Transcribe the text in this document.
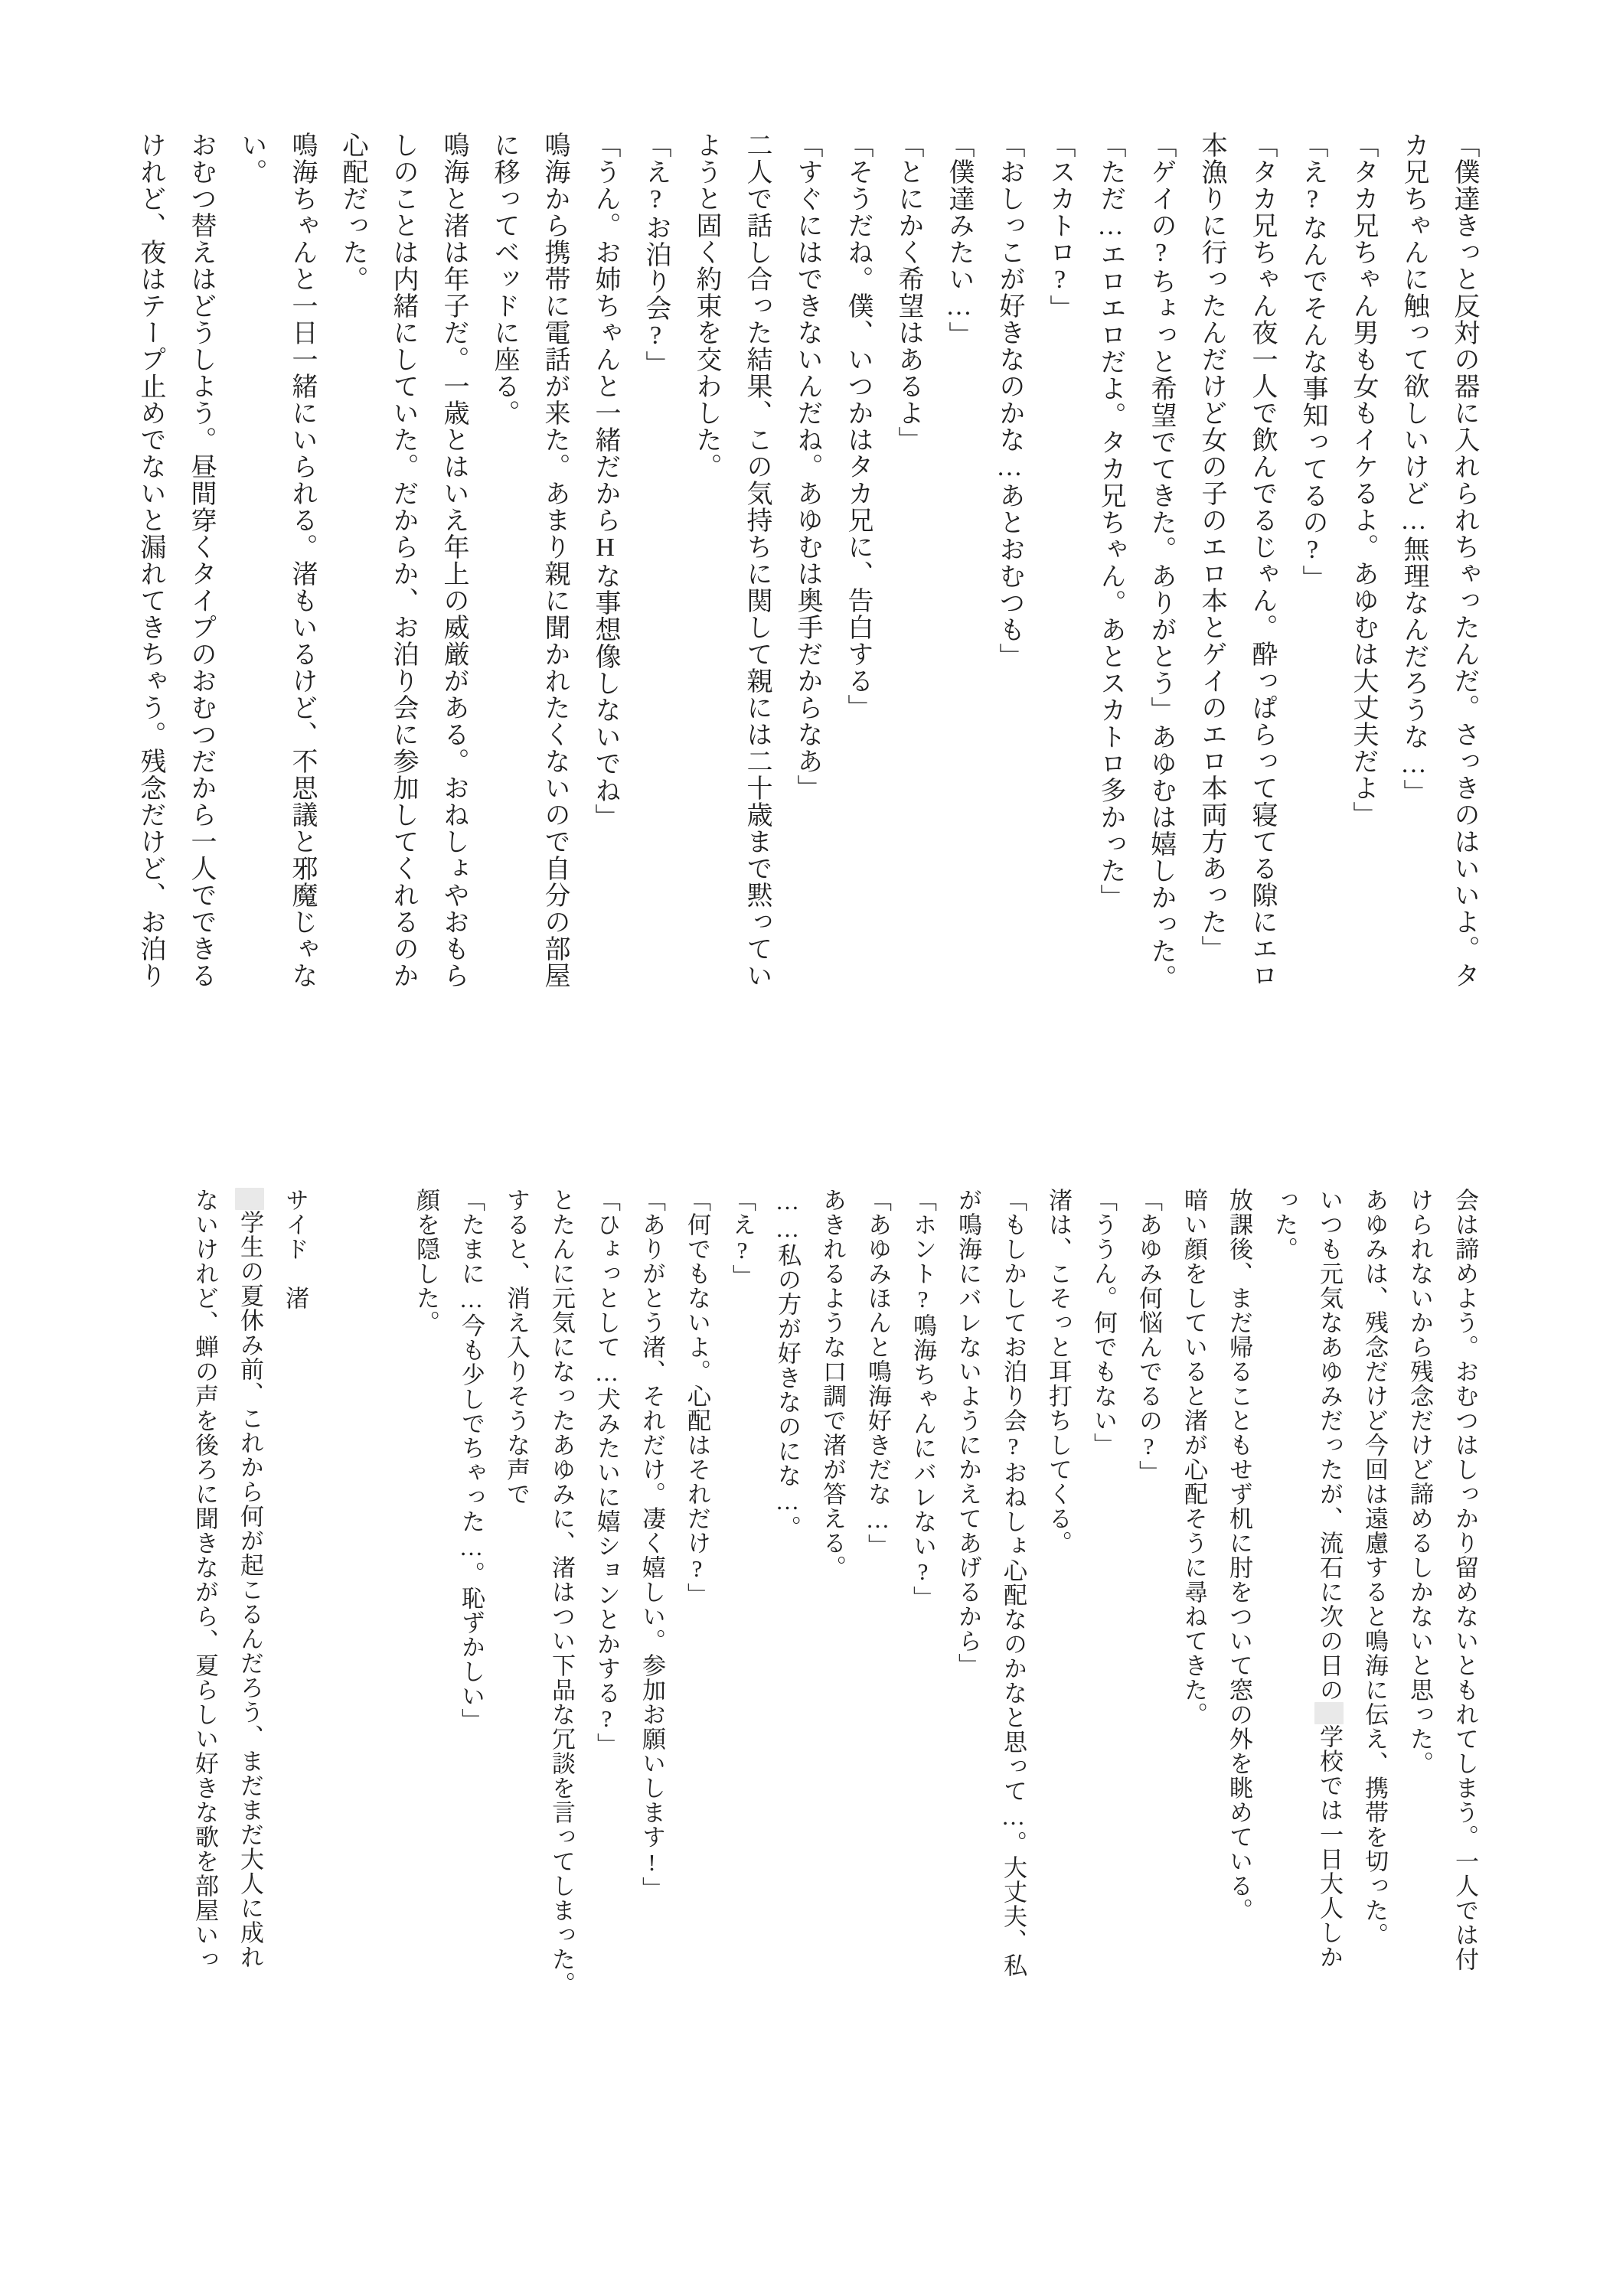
「僕達きっと反対の器に入れられちゃったんだ。さっきのはいいよ。タ

カ兄ちゃんに触って欲しいけど…無理なんだろうな…」

「タカ兄ちゃん男も女もイケるよ。あゆむは大丈夫だよ」

「え?なんでそんな事知ってるの?」

「タカ兄ちゃん夜一人で飲んでるじゃん。酔っぱらって寝てる隙にエロ

本漁りに行ったんだけど女の子のエロ本とゲイのエロ本両方あった」

「ゲイの?ちょっと希望でてきた。ありがとう」あゆむは嬉しかった。

「ただ…エロエロだよ。タカ兄ちゃん。あとスカトロ多かった」

「スカトロ?」

「おしっこが好きなのかな…あとおむつも」

「僕達みたい…」

「とにかく希望はあるよ」

「そうだね。僕、いつかはタカ兄に、告白する」

「すぐにはできないんだね。あゆむは奥手だからなあ」

二人で話し合った結果、この気持ちに関して親には二十歳まで黙ってい

ようと固く約束を交わした。

「え?お泊り会?」

「うん。お姉ちゃんと一緒だからHな事想像しないでね」

鳴海から携帯に電話が来た。あまり親に聞かれたくないので自分の部屋

に移ってベッドに座る。

鳴海と渚は年子だ。一歳とはいえ年上の威厳がある。おねしょやおもら

しのことは内緒にしていた。だからか、お泊り会に参加してくれるのか

心配だった。

鳴海ちゃんと一日一緒にいられる。渚もいるけど、不思議と邪魔じゃな

い。

おむつ替えはどうしよう。昼間穿くタイプのおむつだから一人でできる

けれど、夜はテープ止めでないと漏れてきちゃう。残念だけど、お泊り

会は諦めよう。おむつはしっかり留めないともれてしまう。一人では付

けられないから残念だけど諦めるしかないと思った。

あゆみは、残念だけど今回は遠慮すると鳴海に伝え、携帯を切った。

いつも元気なあゆみだったが、流石に次の日の学校では一日大人しか

った。

放課後、まだ帰ることもせず机に肘をついて窓の外を眺めている。

暗い顔をしていると渚が心配そうに尋ねてきた。

「あゆみ何悩んでるの?」

「ううん。何でもない」

渚は、こそっと耳打ちしてくる。

「もしかしてお泊り会?おねしょ心配なのかなと思って…。大丈夫、私

が鳴海にバレないようにかえてあげるから」

「ホント?鳴海ちゃんにバレない?」

「あゆみほんと鳴海好きだな…」

あきれるような口調で渚が答える。

……私の方が好きなのにな…。

「え?」

「何でもないよ。心配はそれだけ?」

「ありがとう渚、それだけ。凄く嬉しい。参加お願いします!」

「ひょっとして…犬みたいに嬉ションとかする?」

とたんに元気になったあゆみに、渚はつい下品な冗談を言ってしまった。

すると、消え入りそうな声で

「たまに…今も少しでちゃった…。恥ずかしい」

顔を隠した。

サイド　渚

学生の夏休み前、これから何が起こるんだろう、まだまだ大人に成れ

ないけれど、蝉の声を後ろに聞きながら、夏らしい好きな歌を部屋いっ
